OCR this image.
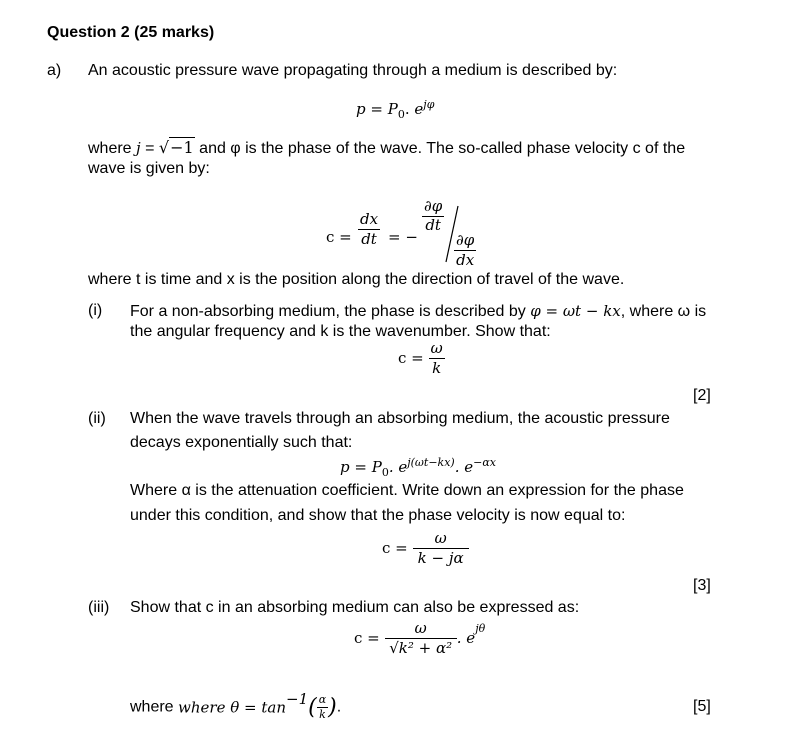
Question 2 (25 marks)
a) An acoustic pressure wave propagating through a medium is described by:
$p = P_0$. $e^{j\varphi}$
where j = √−1 and φ is the phase of the wave. The so-called phase velocity c of the
wave is given by:
$c = \frac{dx}{dt}$ = −
$\frac{\partial\varphi}{dt}$
$\frac{\partial\varphi}{dx}$
where t is time and x is the position along the direction of travel of the wave.
(i) For a non-absorbing medium, the phase is described by φ = ωt − kx, where ω is
the angular frequency and k is the wavenumber. Show that:
$c = \frac{\omega}{k}$
[2]
(ii) When the wave travels through an absorbing medium, the acoustic pressure
decays exponentially such that:
$p = P_0$. $e^{j(\omega t-kx)}$. $e^{-\alpha x}$
Where α is the attenuation coefficient. Write down an expression for the phase
under this condition, and show that the phase velocity is now equal to:
$c = \frac{\omega}{k - j\alpha}$
[3]
(iii) Show that c in an absorbing medium can also be expressed as:
$c = \frac{\omega}{\text{√k² + α²}}$ . $e^{j\theta}$
where where $\theta = \tan^{-1}( \frac{\alpha}{k}$ ).	[5]
